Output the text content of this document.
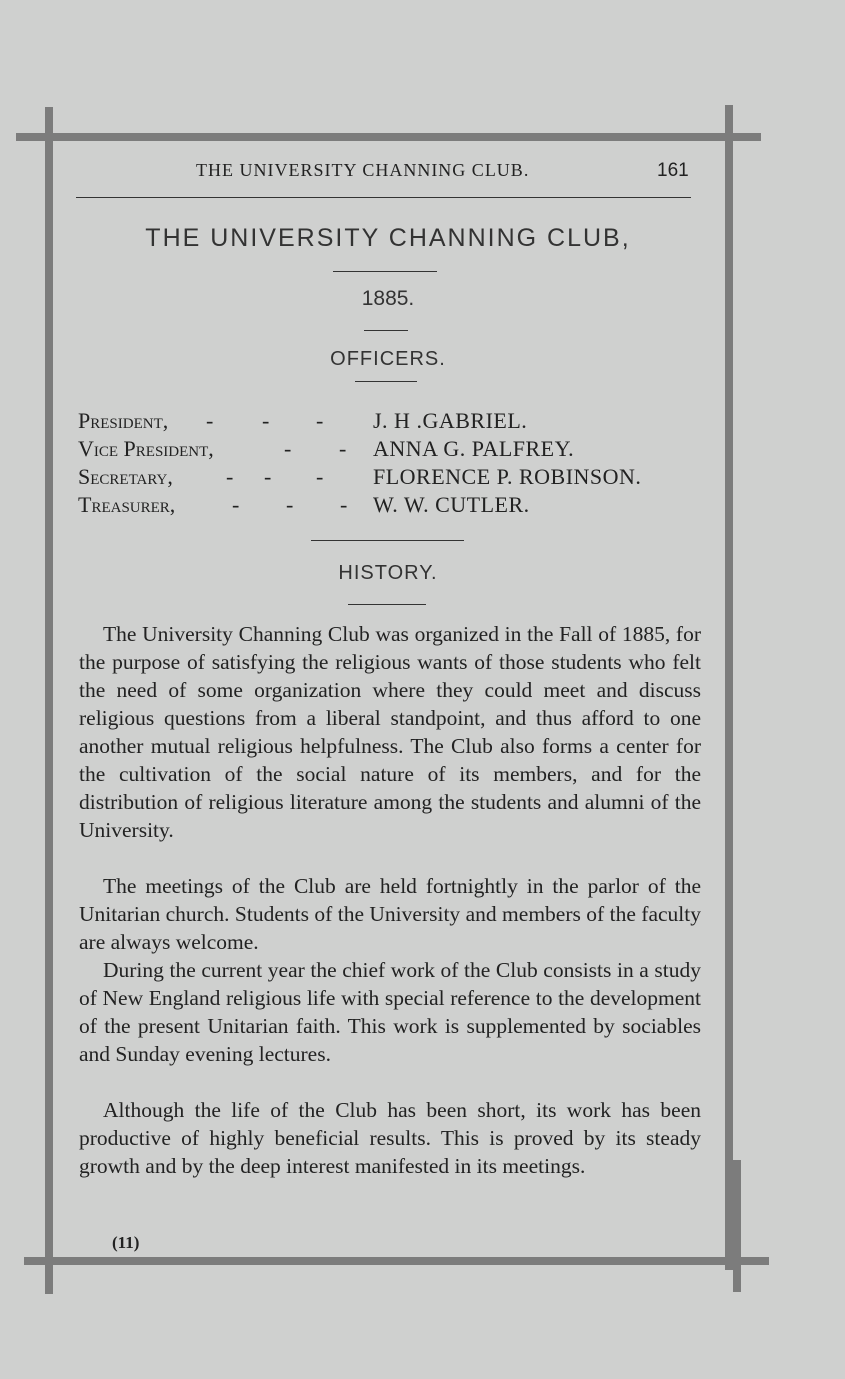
THE UNIVERSITY CHANNING CLUB.	161
THE UNIVERSITY CHANNING CLUB,
1885.
OFFICERS.
President, - - - J. H .GABRIEL.
Vice President,	- - ANNA G. PALFREY.
Secretary, - - - FLORENCE P. ROBINSON.
Treasurer,	- - - W. W. CUTLER.
HISTORY.

The University Channing Club was organized in the Fall of 1885, for the purpose of satisfying the religious wants of those students who felt the need of some organization where they could meet and discuss religious questions from a liberal standpoint, and thus afford to one another mutual religious helpfulness. The Club also forms a center for the cultivation of the social nature of its members, and for the distribution of religious literature among the students and alumni of the University.

The meetings of the Club are held fortnightly in the parlor of the Unitarian church. Students of the University and members of the faculty are always welcome.

During the current year the chief work of the Club consists in a study of New England religious life with special reference to the development of the present Unitarian faith. This work is supplemented by sociables and Sunday evening lectures.

Although the life of the Club has been short, its work has been productive of highly beneficial results. This is proved by its steady growth and by the deep interest manifested in its meetings.

(11)
